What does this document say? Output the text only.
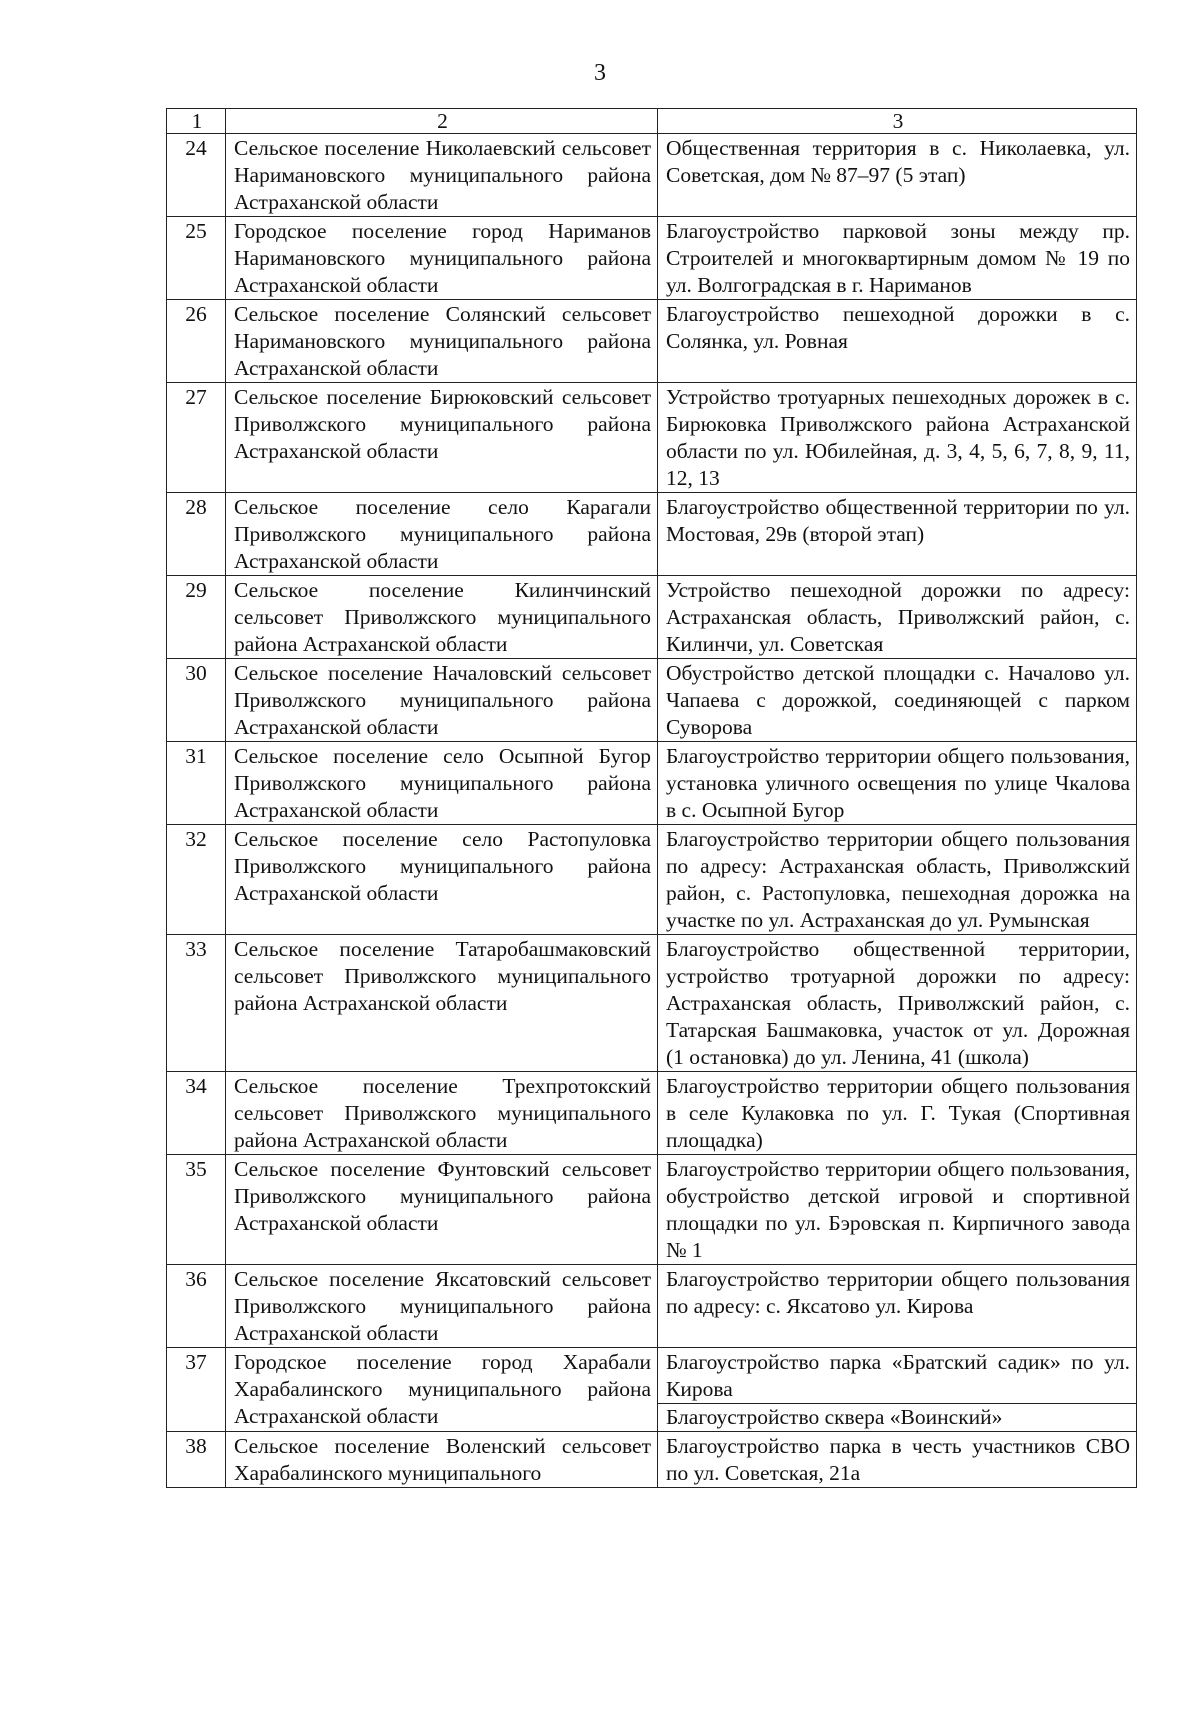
3
1	2	3
24	Сельское поселение Николаевский сельсовет Наримановского муниципального района Астраханской области	Общественная территория в с. Николаевка, ул. Советская, дом № 87–97 (5 этап)

25	Городское поселение город Нариманов Наримановского муниципального района Астраханской области	Благоустройство парковой зоны между пр. Строителей и многоквартирным домом № 19 по ул. Волгоградская в г. Нариманов

26	Сельское поселение Солянский сельсовет Наримановского муниципального района Астраханской области	Благоустройство пешеходной дорожки в с. Солянка, ул. Ровная

27	Сельское поселение Бирюковский сельсовет Приволжского муниципального района Астраханской области	Устройство тротуарных пешеходных дорожек в с. Бирюковка Приволжского района Астраханской области по ул. Юбилейная, д. 3, 4, 5, 6, 7, 8, 9, 11, 12, 13

28	Сельское поселение село Карагали Приволжского муниципального района Астраханской области	Благоустройство общественной территории по ул. Мостовая, 29в (второй этап)

29	Сельское поселение Килинчинский сельсовет Приволжского муниципального района Астраханской области	Устройство пешеходной дорожки по адресу: Астраханская область, Приволжский район, с. Килинчи, ул. Советская

30	Сельское поселение Началовский сельсовет Приволжского муниципального района Астраханской области	Обустройство детской площадки с. Началово ул. Чапаева с дорожкой, соединяющей с парком Суворова

31	Сельское поселение село Осыпной Бугор Приволжского муниципального района Астраханской области	Благоустройство территории общего пользования, установка уличного освещения по улице Чкалова в с. Осыпной Бугор

32	Сельское поселение село Растопуловка Приволжского муниципального района Астраханской области	Благоустройство территории общего пользования по адресу: Астраханская область, Приволжский район, с. Растопуловка, пешеходная дорожка на участке по ул. Астраханская до ул. Румынская

33	Сельское поселение Татаробашмаковский сельсовет Приволжского муниципального района Астраханской области	Благоустройство общественной территории, устройство тротуарной дорожки по адресу: Астраханская область, Приволжский район, с. Татарская Башмаковка, участок от ул. Дорожная (1 остановка) до ул. Ленина, 41 (школа)

34	Сельское поселение Трехпротокский сельсовет Приволжского муниципального района Астраханской области	Благоустройство территории общего пользования в селе Кулаковка по ул. Г. Тукая (Спортивная площадка)

35	Сельское поселение Фунтовский сельсовет Приволжского муниципального района Астраханской области	Благоустройство территории общего пользования, обустройство детской игровой и спортивной площадки по ул. Бэровская п. Кирпичного завода № 1

36	Сельское поселение Яксатовский сельсовет Приволжского муниципального района Астраханской области	Благоустройство территории общего пользования по адресу: с. Яксатово ул. Кирова

37	Городское поселение город Харабали Харабалинского муниципального района Астраханской области	Благоустройство парка «Братский садик» по ул. Кирова
Благоустройство сквера «Воинский»

38	Сельское поселение Воленский сельсовет Харабалинского муниципального	Благоустройство парка в честь участников СВО по ул. Советская, 21а
